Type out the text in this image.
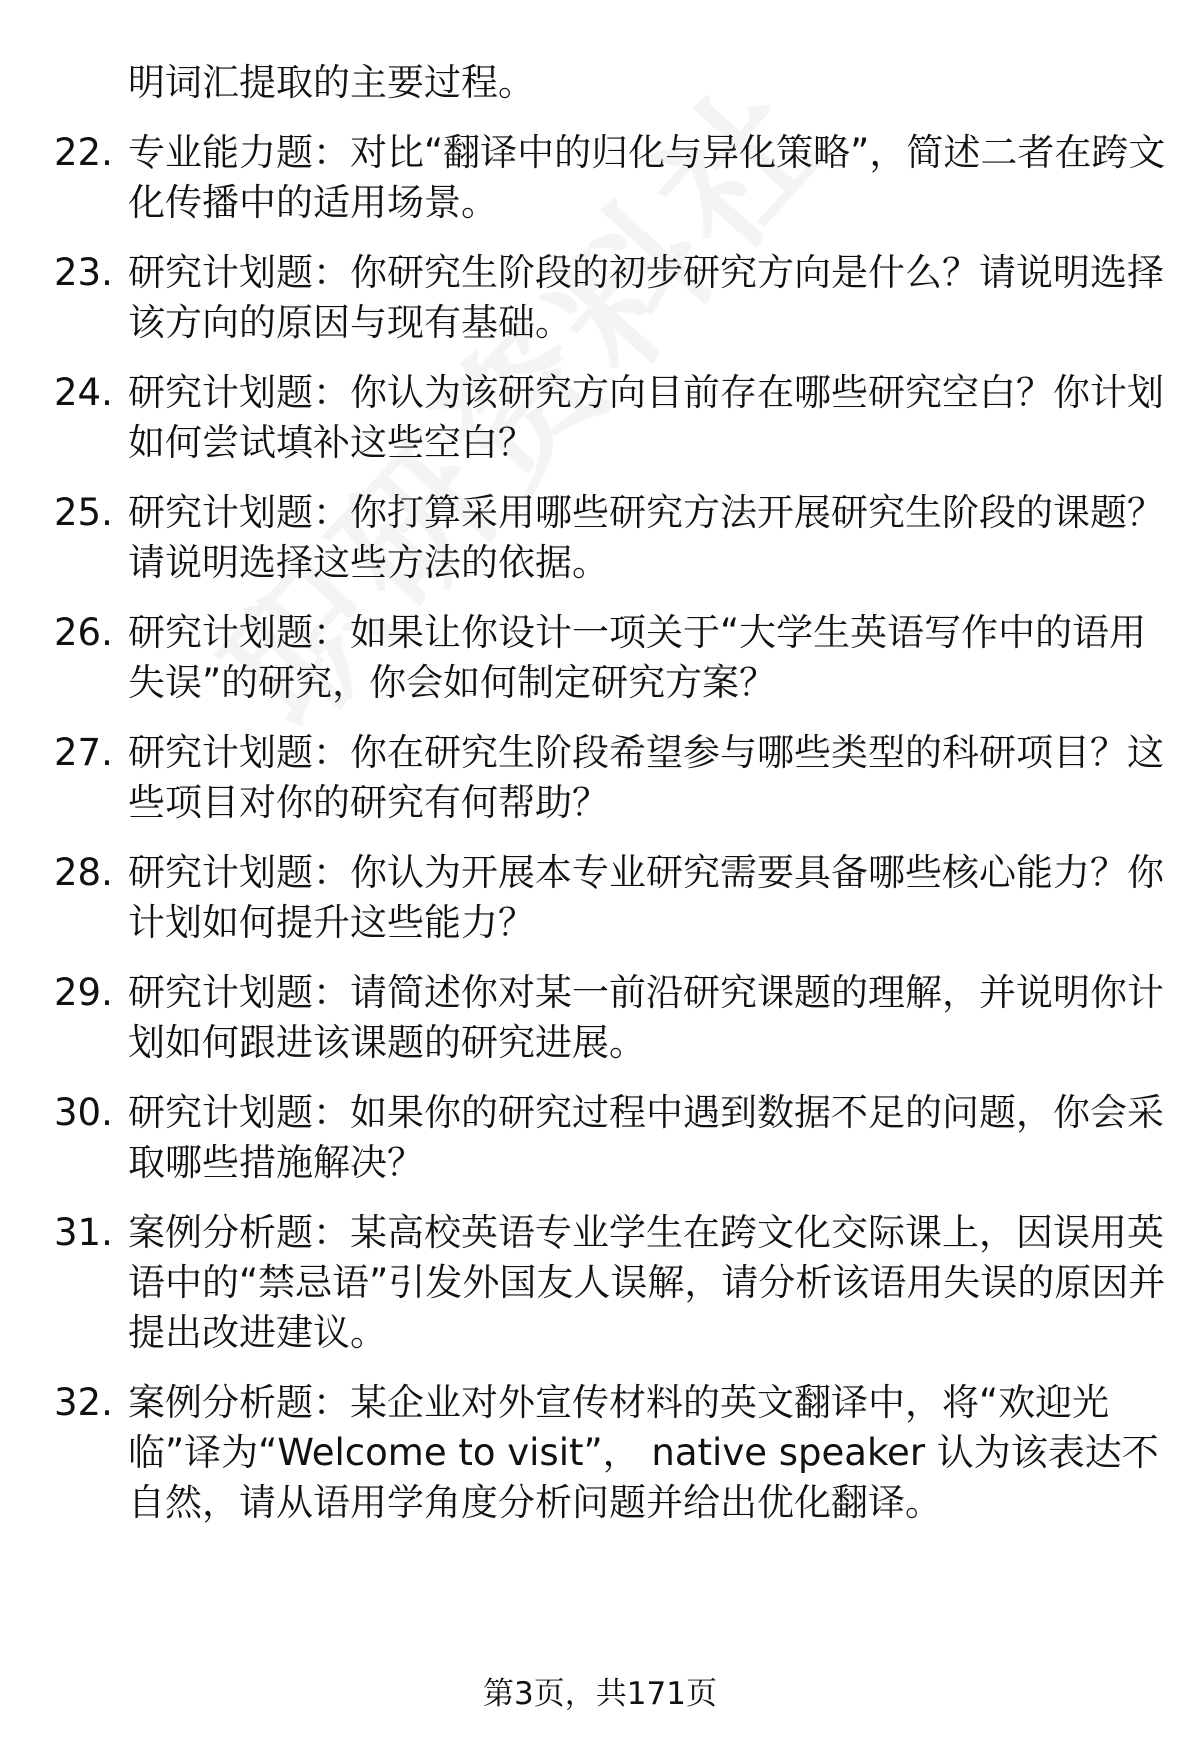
明词汇提取的主要过程。

22. 专业能力题：对比“翻译中的归化与异化策略”，简述二者在跨文化传播中的适用场景。

23. 研究计划题：你研究生阶段的初步研究方向是什么？请说明选择该方向的原因与现有基础。

24. 研究计划题：你认为该研究方向目前存在哪些研究空白？你计划如何尝试填补这些空白？

25. 研究计划题：你打算采用哪些研究方法开展研究生阶段的课题？请说明选择这些方法的依据。

26. 研究计划题：如果让你设计一项关于“大学生英语写作中的语用失误”的研究，你会如何制定研究方案？

27. 研究计划题：你在研究生阶段希望参与哪些类型的科研项目？这些项目对你的研究有何帮助？

28. 研究计划题：你认为开展本专业研究需要具备哪些核心能力？你计划如何提升这些能力？

29. 研究计划题：请简述你对某一前沿研究课题的理解，并说明你计划如何跟进该课题的研究进展。

30. 研究计划题：如果你的研究过程中遇到数据不足的问题，你会采取哪些措施解决？

31. 案例分析题：某高校英语专业学生在跨文化交际课上，因误用英语中的“禁忌语”引发外国友人误解，请分析该语用失误的原因并提出改进建议。

32. 案例分析题：某企业对外宣传材料的英文翻译中，将“欢迎光临”译为“Welcome to visit”， native speaker 认为该表达不自然，请从语用学角度分析问题并给出优化翻译。

第3页，共171页
